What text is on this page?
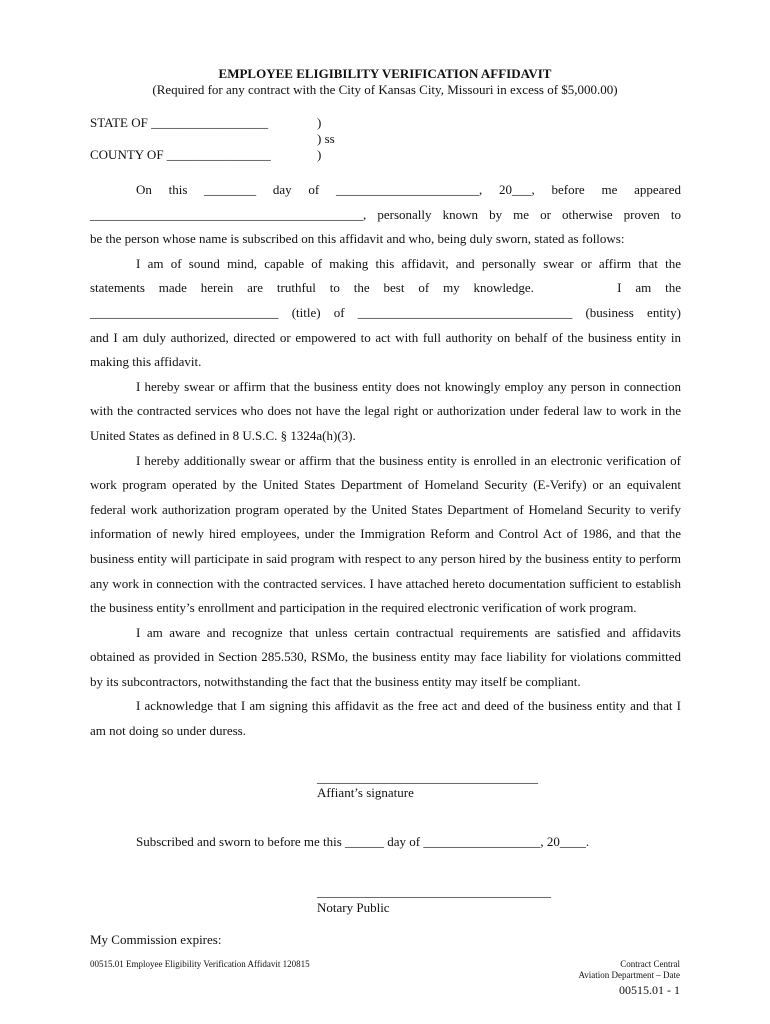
EMPLOYEE ELIGIBILITY VERIFICATION AFFIDAVIT
(Required for any contract with the City of Kansas City, Missouri in excess of $5,000.00)
STATE OF __________________
COUNTY OF ________________
)
) ss
)
On this ________ day of ______________________, 20___, before me appeared
__________________________________________, personally known by me or otherwise proven to
be the person whose name is subscribed on this affidavit and who, being duly sworn, stated as follows:
I am of sound mind, capable of making this affidavit, and personally swear or affirm that the
statements made herein are truthful to the best of my knowledge.      I am the
_____________________________ (title) of _________________________________ (business entity)

and I am duly authorized, directed or empowered to act with full authority on behalf of the business entity in making this affidavit.

I hereby swear or affirm that the business entity does not knowingly employ any person in connection with the contracted services who does not have the legal right or authorization under federal law to work in the United States as defined in 8 U.S.C. § 1324a(h)(3).

I hereby additionally swear or affirm that the business entity is enrolled in an electronic verification of work program operated by the United States Department of Homeland Security (E-Verify) or an equivalent federal work authorization program operated by the United States Department of Homeland Security to verify information of newly hired employees, under the Immigration Reform and Control Act of 1986, and that the business entity will participate in said program with respect to any person hired by the business entity to perform any work in connection with the contracted services. I have attached hereto documentation sufficient to establish the business entity’s enrollment and participation in the required electronic verification of work program.

I am aware and recognize that unless certain contractual requirements are satisfied and affidavits obtained as provided in Section 285.530, RSMo, the business entity may face liability for violations committed by its subcontractors, notwithstanding the fact that the business entity may itself be compliant.

I acknowledge that I am signing this affidavit as the free act and deed of the business entity and that I am not doing so under duress.

__________________________________
Affiant’s signature
Subscribed and sworn to before me this ______ day of __________________, 20____.
____________________________________
Notary Public
My Commission expires:
00515.01 Employee Eligibility Verification Affidavit 120815	Contract Central
Aviation Department – Date
00515.01 - 1
